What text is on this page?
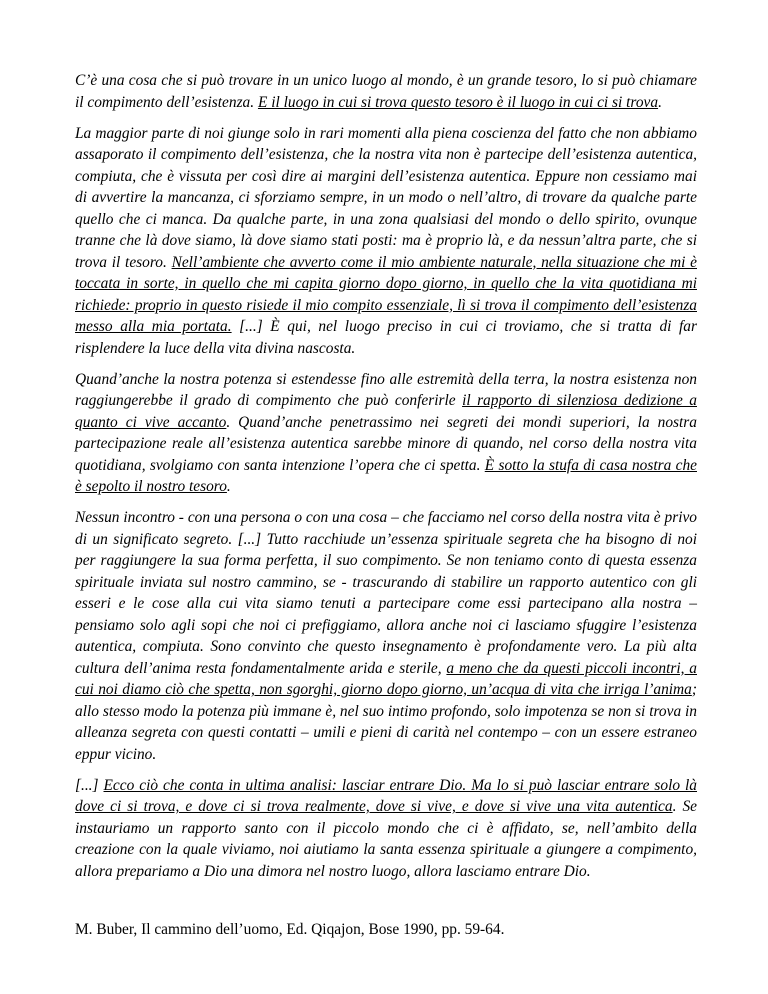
C’è una cosa che si può trovare in un unico luogo al mondo, è un grande tesoro, lo si può chiamare il compimento dell’esistenza. E il luogo in cui si trova questo tesoro è il luogo in cui ci si trova.

La maggior parte di noi giunge solo in rari momenti alla piena coscienza del fatto che non abbiamo assaporato il compimento dell’esistenza, che la nostra vita non è partecipe dell’esistenza autentica, compiuta, che è vissuta per così dire ai margini dell’esistenza autentica. Eppure non cessiamo mai di avvertire la mancanza, ci sforziamo sempre, in un modo o nell’altro, di trovare da qualche parte quello che ci manca. Da qualche parte, in una zona qualsiasi del mondo o dello spirito, ovunque tranne che là dove siamo, là dove siamo stati posti: ma è proprio là, e da nessun’altra parte, che si trova il tesoro. Nell’ambiente che avverto come il mio ambiente naturale, nella situazione che mi è toccata in sorte, in quello che mi capita giorno dopo giorno, in quello che la vita quotidiana mi richiede: proprio in questo risiede il mio compito essenziale, lì si trova il compimento dell’esistenza messo alla mia portata. [...] È qui, nel luogo preciso in cui ci troviamo, che si tratta di far risplendere la luce della vita divina nascosta.

Quand’anche la nostra potenza si estendesse fino alle estremità della terra, la nostra esistenza non raggiungerebbe il grado di compimento che può conferirle il rapporto di silenziosa dedizione a quanto ci vive accanto. Quand’anche penetrassimo nei segreti dei mondi superiori, la nostra partecipazione reale all’esistenza autentica sarebbe minore di quando, nel corso della nostra vita quotidiana, svolgiamo con santa intenzione l’opera che ci spetta. È sotto la stufa di casa nostra che è sepolto il nostro tesoro.

Nessun incontro - con una persona o con una cosa – che facciamo nel corso della nostra vita è privo di un significato segreto. [...] Tutto racchiude un’essenza spirituale segreta che ha bisogno di noi per raggiungere la sua forma perfetta, il suo compimento. Se non teniamo conto di questa essenza spirituale inviata sul nostro cammino, se - trascurando di stabilire un rapporto autentico con gli esseri e le cose alla cui vita siamo tenuti a partecipare come essi partecipano alla nostra – pensiamo solo agli sopi che noi ci prefiggiamo, allora anche noi ci lasciamo sfuggire l’esistenza autentica, compiuta. Sono convinto che questo insegnamento è profondamente vero. La più alta cultura dell’anima resta fondamentalmente arida e sterile, a meno che da questi piccoli incontri, a cui noi diamo ciò che spetta, non sgorghi, giorno dopo giorno, un’acqua di vita che irriga l’anima; allo stesso modo la potenza più immane è, nel suo intimo profondo, solo impotenza se non si trova in alleanza segreta con questi contatti – umili e pieni di carità nel contempo – con un essere estraneo eppur vicino.

[...] Ecco ciò che conta in ultima analisi: lasciar entrare Dio. Ma lo si può lasciar entrare solo là dove ci si trova, e dove ci si trova realmente, dove si vive, e dove si vive una vita autentica. Se instauriamo un rapporto santo con il piccolo mondo che ci è affidato, se, nell’ambito della creazione con la quale viviamo, noi aiutiamo la santa essenza spirituale a giungere a compimento, allora prepariamo a Dio una dimora nel nostro luogo, allora lasciamo entrare Dio.

M. Buber, Il cammino dell’uomo, Ed. Qiqajon, Bose 1990, pp. 59-64.
